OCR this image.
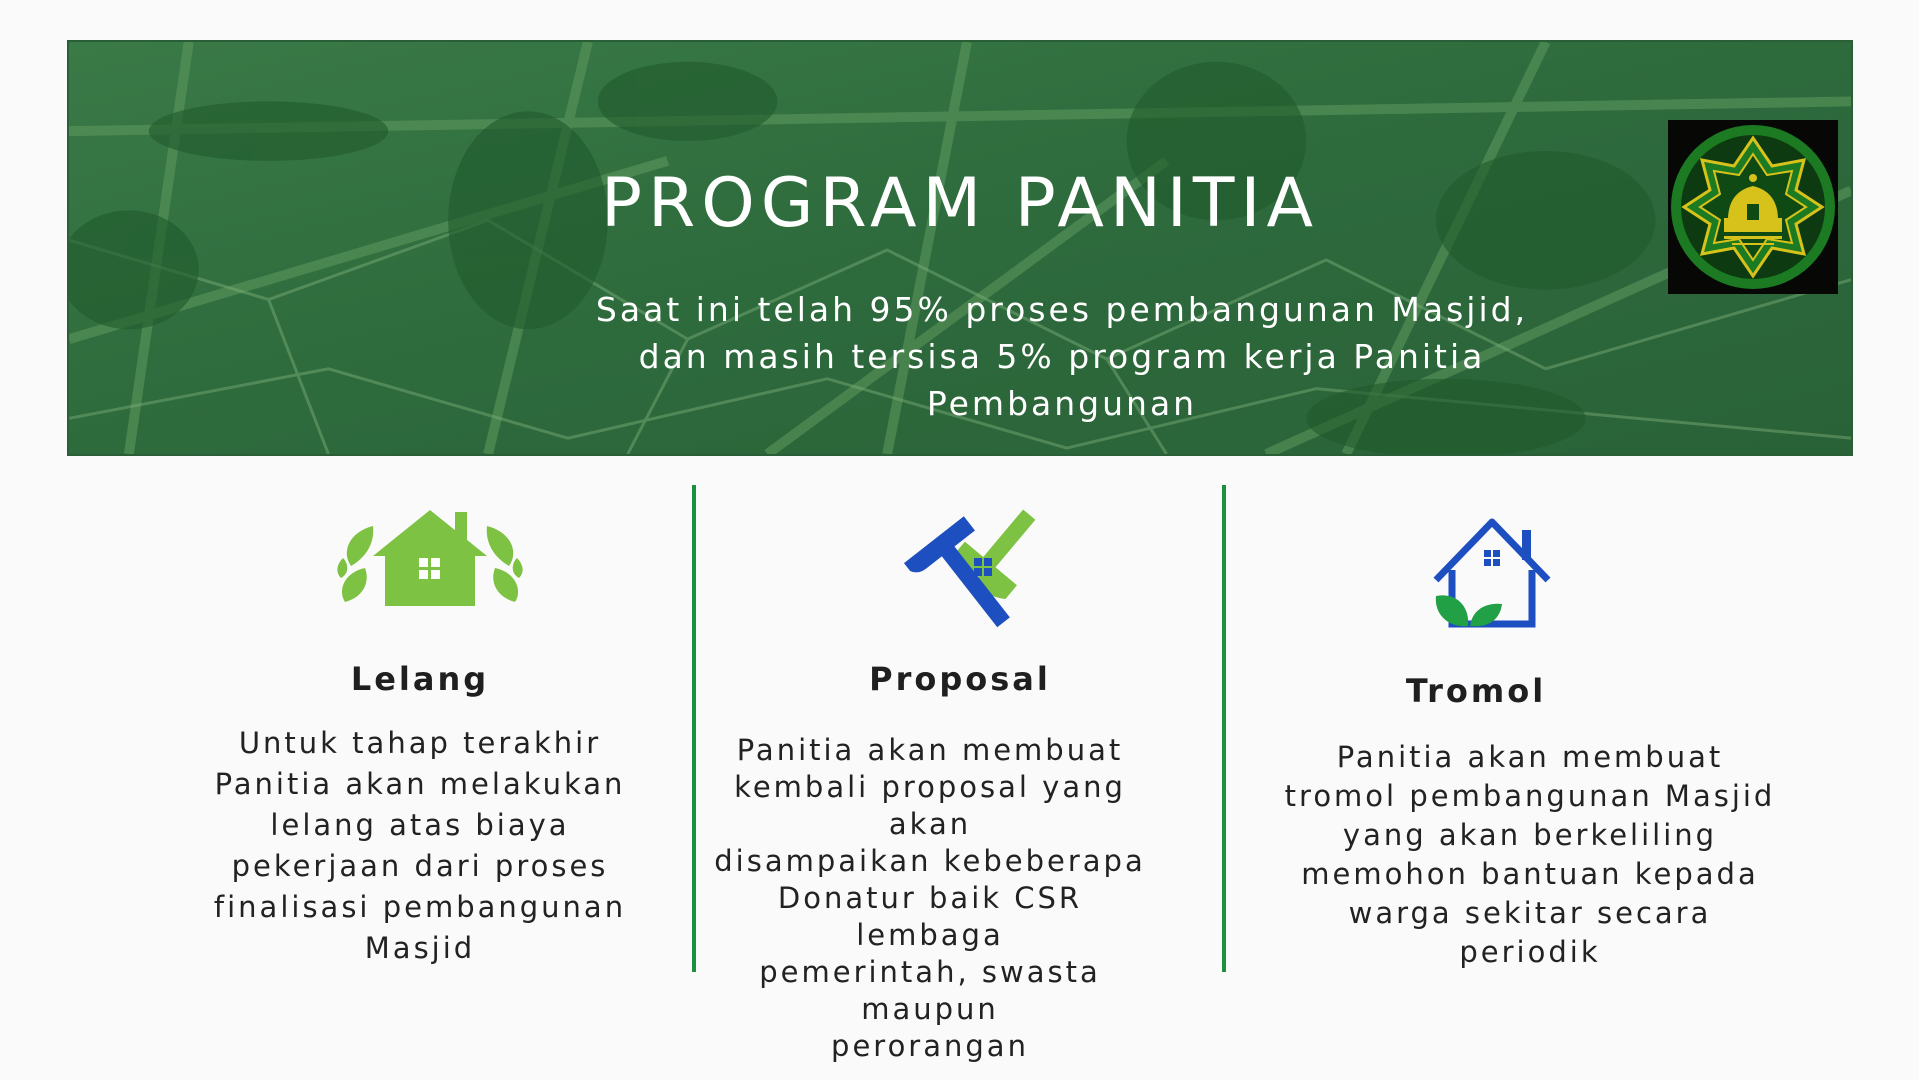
PROGRAM PANITIA
Saat ini telah 95% proses pembangunan Masjid,
dan masih tersisa 5% program kerja Panitia
Pembangunan
Lelang
Untuk tahap terakhir
Panitia akan melakukan
lelang atas biaya
pekerjaan dari proses
finalisasi pembangunan
Masjid
Proposal
Panitia akan membuat
kembali proposal yang akan
disampaikan kebeberapa
Donatur baik CSR lembaga
pemerintah, swasta maupun
perorangan
Tromol
Panitia akan membuat
tromol pembangunan Masjid
yang akan berkeliling
memohon bantuan kepada
warga sekitar secara
periodik
